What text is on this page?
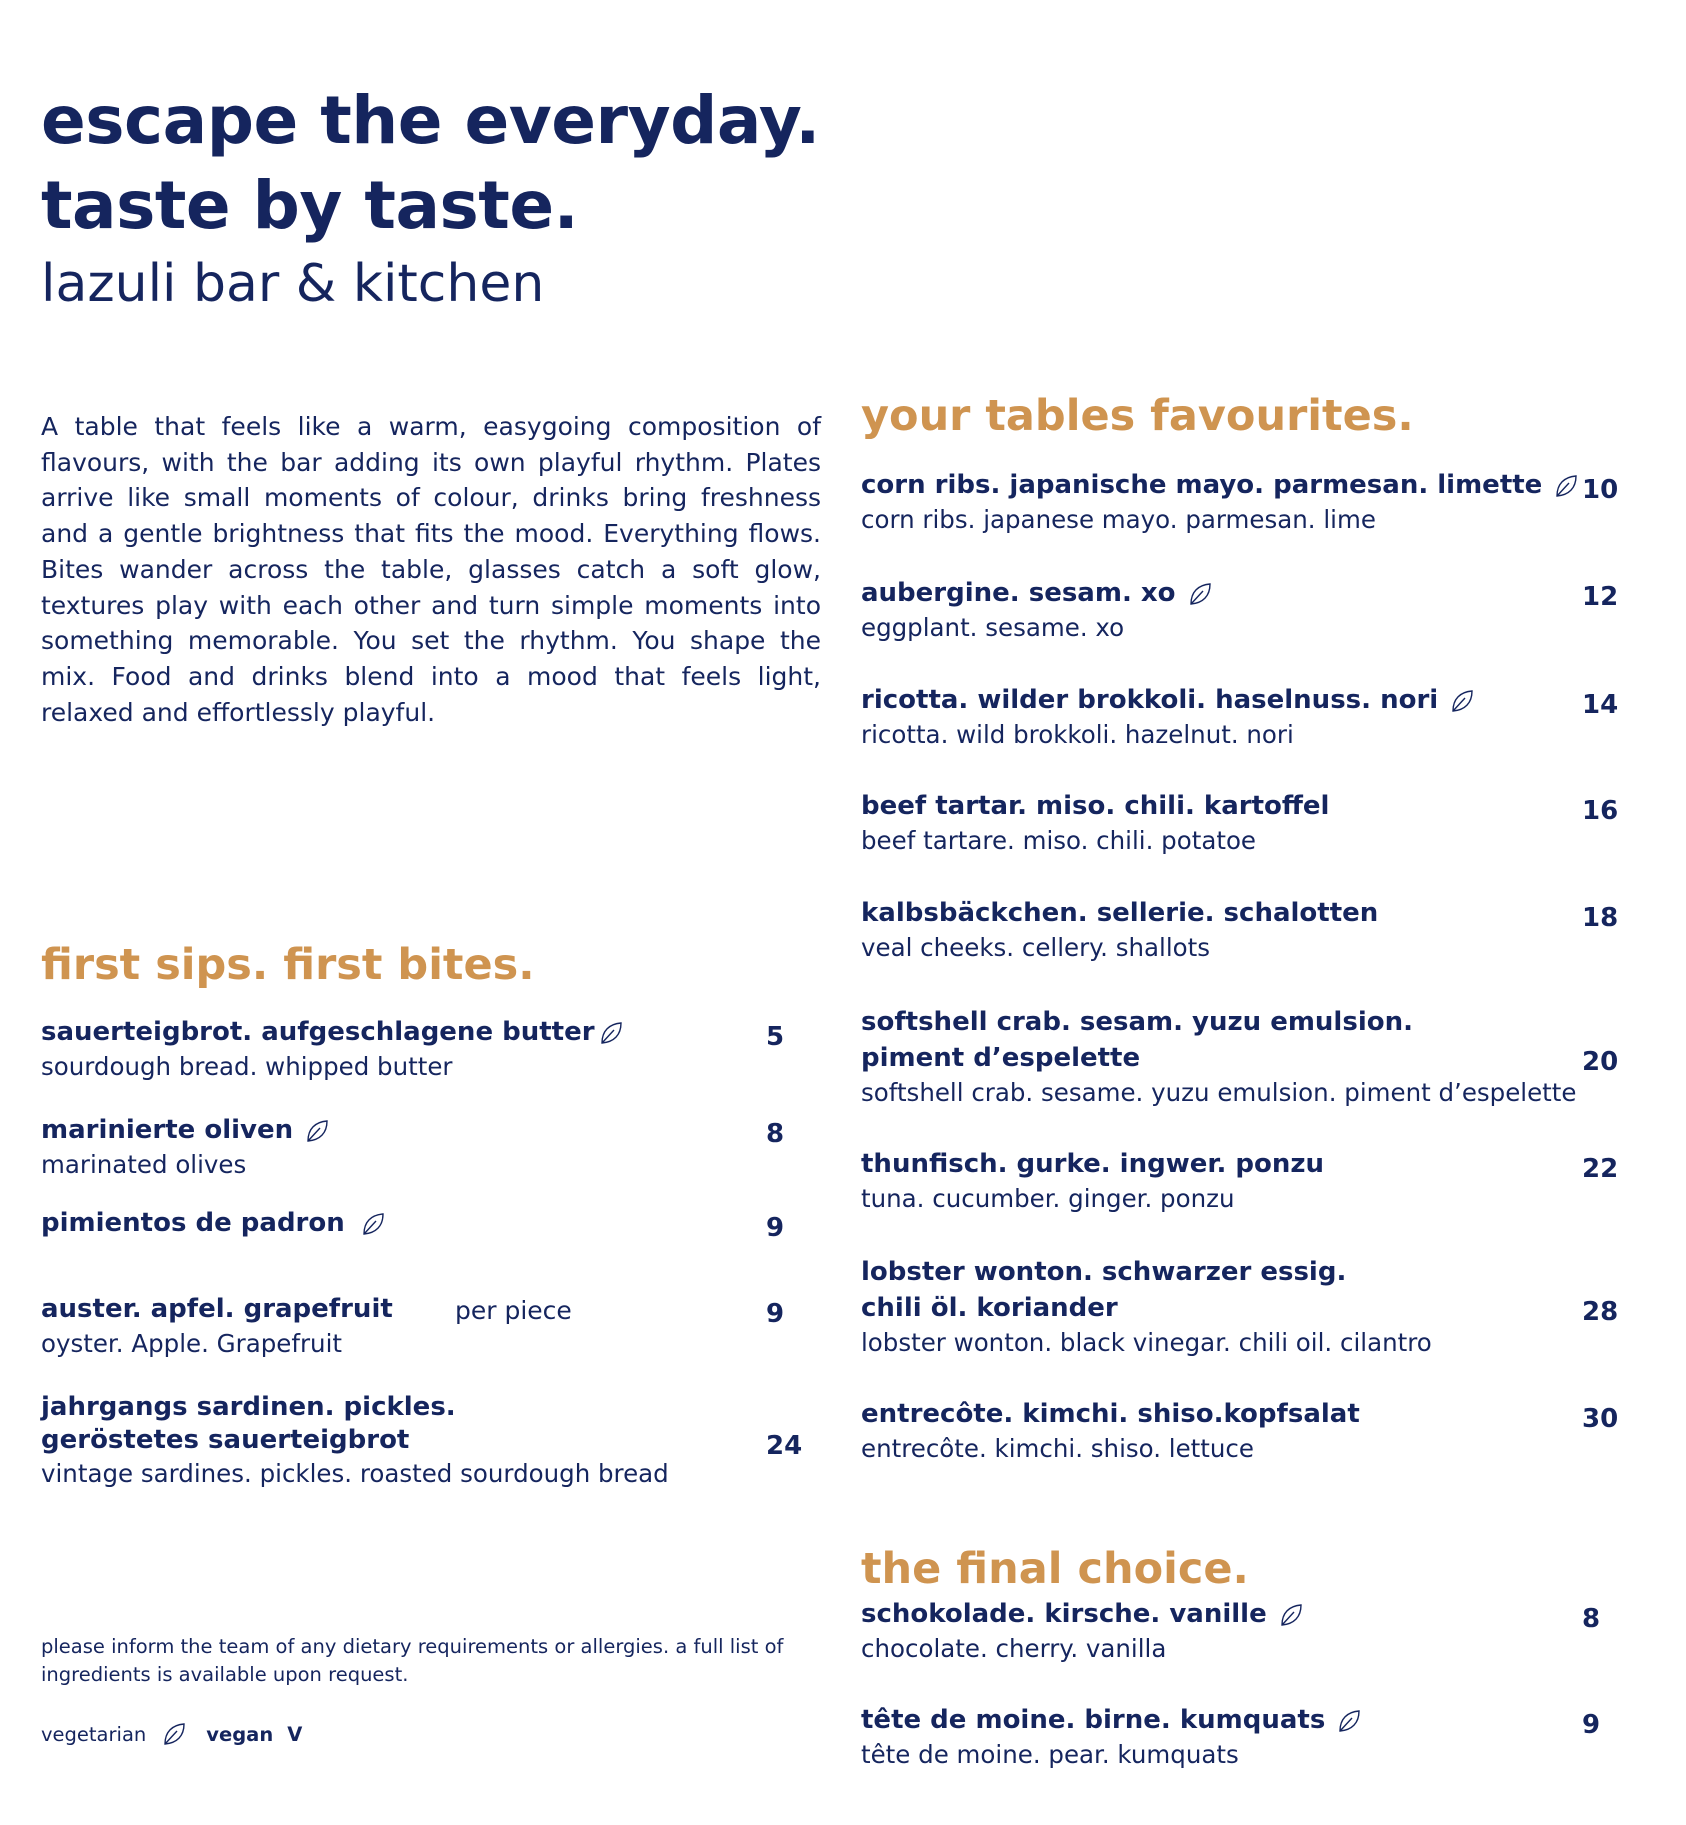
escape the everyday.
taste by taste.
lazuli bar & kitchen
A table that feels like a warm, easygoing composition of flavours, with the bar adding its own playful rhythm. Plates arrive like small moments of colour, drinks bring freshness and a gentle brightness that fits the mood. Everything flows. Bites wander across the table, glasses catch a soft glow, textures play with each other and turn simple moments into something memorable. You set the rhythm. You shape the mix. Food and drinks blend into a mood that feels light, relaxed and effortlessly playful.
first sips. first bites.
sauerteigbrot. aufgeschlagene butter
sourdough bread. whipped butter
5
marinierte oliven
marinated olives
8
pimientos de padron	9
auster. apfel. grapefruit
oyster. Apple. Grapefruit
per piece	9
jahrgangs sardinen. pickles.
geröstetes sauerteigbrot
vintage sardines. pickles. roasted sourdough bread
24
please inform the team of any dietary requirements or allergies. a full list of ingredients is available upon request.
vegetarian	vegan V
your tables favourites.
corn ribs. japanische mayo. parmesan. limette
corn ribs. japanese mayo. parmesan. lime
10
aubergine. sesam. xo
eggplant. sesame. xo
12
ricotta. wilder brokkoli. haselnuss. nori
ricotta. wild brokkoli. hazelnut. nori
14
beef tartar. miso. chili. kartoffel
beef tartare. miso. chili. potatoe
16
kalbsbäckchen. sellerie. schalotten
veal cheeks. cellery. shallots
18
softshell crab. sesam. yuzu emulsion.
piment d’espelette
softshell crab. sesame. yuzu emulsion. piment d’espelette
20
thunfisch. gurke. ingwer. ponzu
tuna. cucumber. ginger. ponzu
22
lobster wonton. schwarzer essig.
chili öl. koriander
lobster wonton. black vinegar. chili oil. cilantro
28
entrecôte. kimchi. shiso.kopfsalat
entrecôte. kimchi. shiso. lettuce
30
the final choice.
schokolade. kirsche. vanille
chocolate. cherry. vanilla
8
tête de moine. birne. kumquats
tête de moine. pear. kumquats
9
